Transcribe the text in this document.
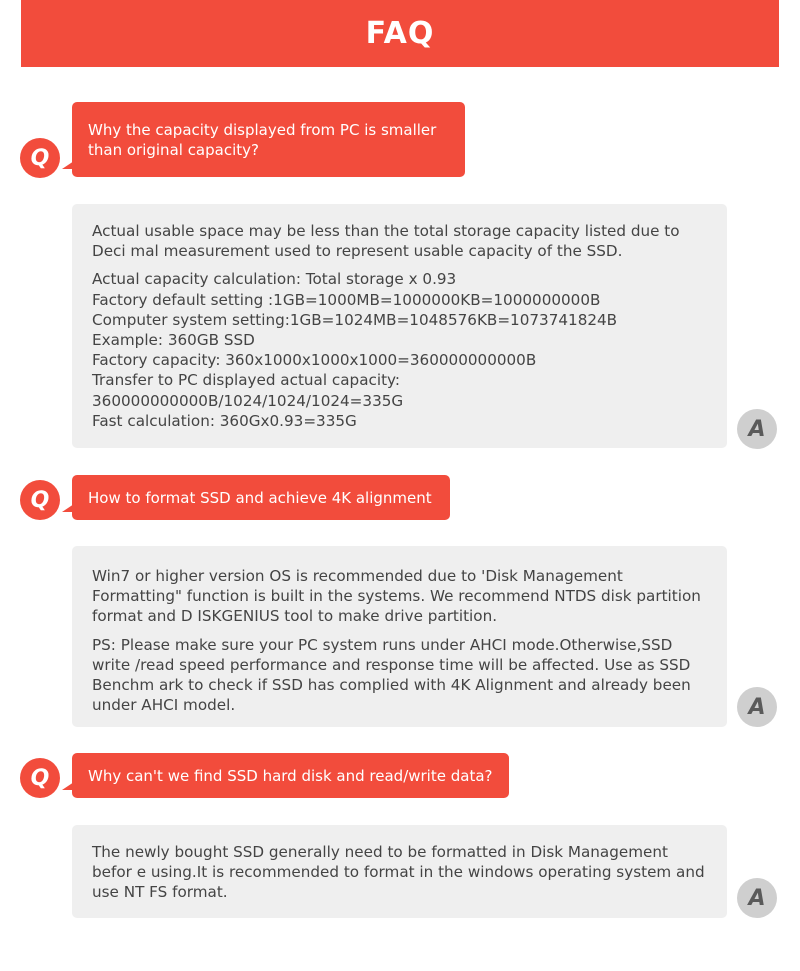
FAQ
Q
Why the capacity displayed from PC is smaller than original capacity?

Actual usable space may be less than the total storage capacity listed due to Deci mal measurement used to represent usable capacity of the SSD.

Actual capacity calculation: Total storage x 0.93
Factory default setting :1GB=1000MB=1000000KB=1000000000B
Computer system setting:1GB=1024MB=1048576KB=1073741824B
Example: 360GB SSD
Factory capacity: 360x1000x1000x1000=360000000000B
Transfer to PC displayed actual capacity:
360000000000B/1024/1024/1024=335G
Fast calculation: 360Gx0.93=335G	A
Q	How to format SSD and achieve 4K alignment

Win7 or higher version OS is recommended due to 'Disk Management Formatting" function is built in the systems. We recommend NTDS disk partition format and D ISKGENIUS tool to make drive partition.

PS: Please make sure your PC system runs under AHCI mode.Otherwise,SSD write /read speed performance and response time will be affected. Use as SSD Benchm ark to check if SSD has complied with 4K Alignment and already been under AHCI model.	A
Q	Why can't we find SSD hard disk and read/write data?

The newly bought SSD generally need to be formatted in Disk Management befor e using.It is recommended to format in the windows operating system and use NT FS format.	A
